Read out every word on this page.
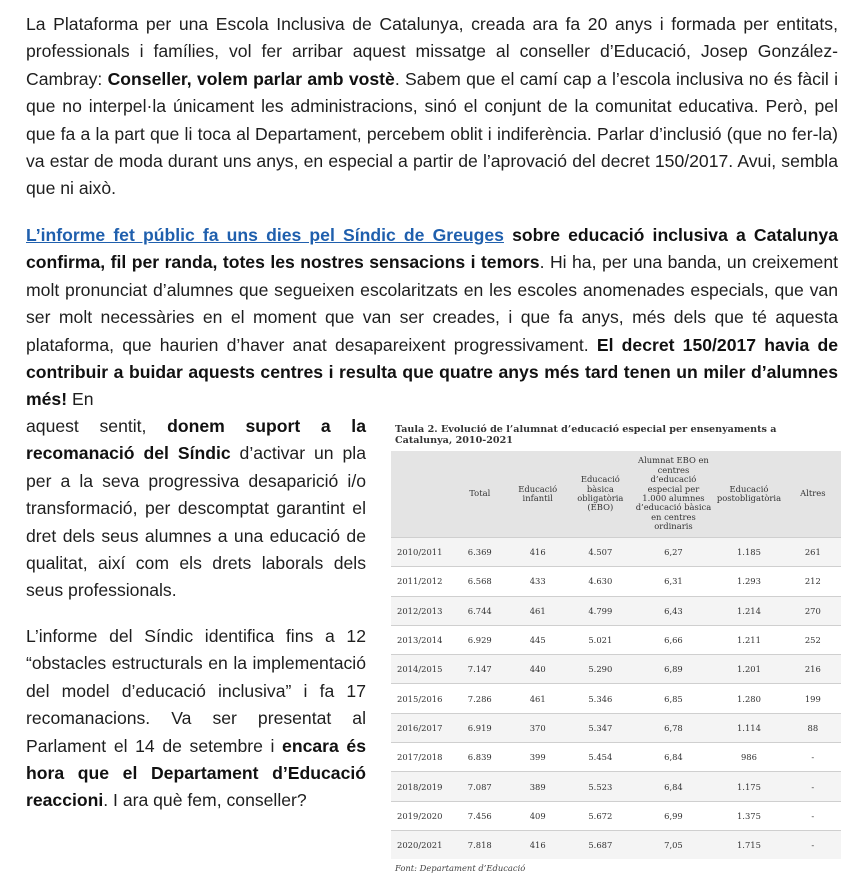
La Plataforma per una Escola Inclusiva de Catalunya, creada ara fa 20 anys i formada per entitats, professionals i famílies, vol fer arribar aquest missatge al conseller d’Educació, Josep González-Cambray: Conseller, volem parlar amb vostè. Sabem que el camí cap a l’escola inclusiva no és fàcil i que no interpel·la únicament les administracions, sinó el conjunt de la comunitat educativa. Però, pel que fa a la part que li toca al Departament, percebem oblit i indiferència. Parlar d’inclusió (que no fer-la) va estar de moda durant uns anys, en especial a partir de l’aprovació del decret 150/2017. Avui, sembla que ni això.

L’informe fet públic fa uns dies pel Síndic de Greuges sobre educació inclusiva a Catalunya confirma, fil per randa, totes les nostres sensacions i temors. Hi ha, per una banda, un creixement molt pronunciat d’alumnes que segueixen escolaritzats en les escoles anomenades especials, que van ser molt necessàries en el moment que van ser creades, i que fa anys, més dels que té aquesta plataforma, que haurien d’haver anat desapareixent progressivament. El decret 150/2017 havia de contribuir a buidar aquests centres i resulta que quatre anys més tard tenen un miler d’alumnes més! En

aquest sentit, donem suport a la recomanació del Síndic d’activar un pla per a la seva progressiva desaparició i/o transformació, per descomptat garantint el dret dels seus alumnes a una educació de qualitat, així com els drets laborals dels seus professionals.

L’informe del Síndic identifica fins a 12 “obstacles estructurals en la implementació del model d’educació inclusiva” i fa 17 recomanacions. Va ser presentat al Parlament el 14 de setembre i encara és hora que el Departament d’Educació reaccioni. I ara què fem, conseller?

Taula 2. Evolució de l’alumnat d’educació especial per ensenyaments a Catalunya, 2010-2021
	Total	Educació infantil	Educació bàsica obligatòria (EBO)	Alumnat EBO en centres d’educació especial per 1.000 alumnes d’educació bàsica en centres ordinaris	Educació postobligatòria	Altres
2010/2011	6.369	416	4.507	6,27	1.185	261
2011/2012	6.568	433	4.630	6,31	1.293	212
2012/2013	6.744	461	4.799	6,43	1.214	270
2013/2014	6.929	445	5.021	6,66	1.211	252
2014/2015	7.147	440	5.290	6,89	1.201	216
2015/2016	7.286	461	5.346	6,85	1.280	199
2016/2017	6.919	370	5.347	6,78	1.114	88
2017/2018	6.839	399	5.454	6,84	986	-
2018/2019	7.087	389	5.523	6,84	1.175	-
2019/2020	7.456	409	5.672	6,99	1.375	-
2020/2021	7.818	416	5.687	7,05	1.715	-
Font: Departament d’Educació
